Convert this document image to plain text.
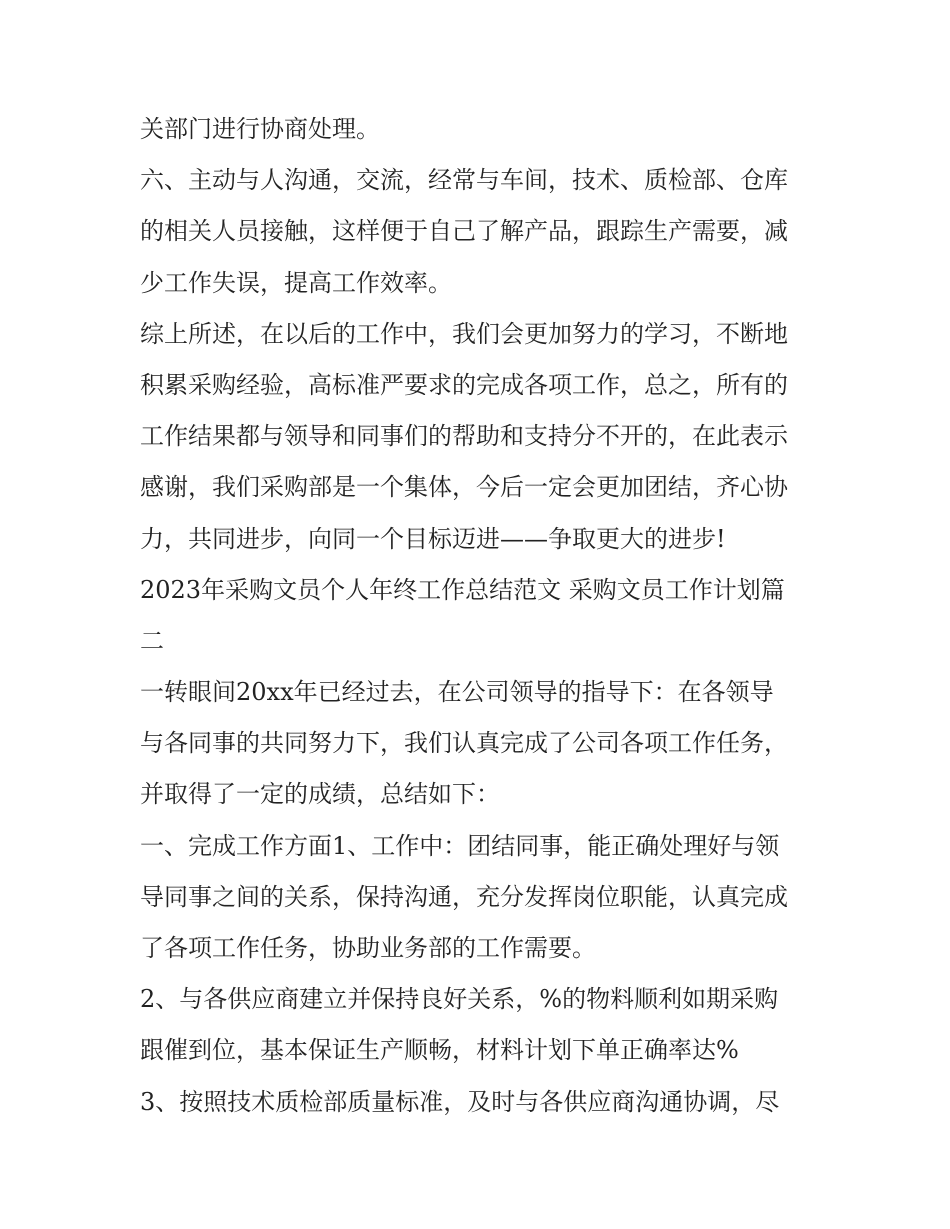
关部门进行协商处理。
六、主动与人沟通，交流，经常与车间，技术、质检部、仓库
的相关人员接触，这样便于自己了解产品，跟踪生产需要，减
少工作失误，提高工作效率。
综上所述，在以后的工作中，我们会更加努力的学习，不断地
积累采购经验，高标准严要求的完成各项工作，总之，所有的
工作结果都与领导和同事们的帮助和支持分不开的，在此表示
感谢，我们采购部是一个集体，今后一定会更加团结，齐心协
力，共同进步，向同一个目标迈进——争取更大的进步!
2023年采购文员个人年终工作总结范文 采购文员工作计划篇
二
一转眼间20xx年已经过去，在公司领导的指导下：在各领导
与各同事的共同努力下，我们认真完成了公司各项工作任务，
并取得了一定的成绩，总结如下：
一、完成工作方面1、工作中：团结同事，能正确处理好与领
导同事之间的关系，保持沟通，充分发挥岗位职能，认真完成
了各项工作任务，协助业务部的工作需要。
2、与各供应商建立并保持良好关系，%的物料顺利如期采购
跟催到位，基本保证生产顺畅，材料计划下单正确率达%
3、按照技术质检部质量标准，及时与各供应商沟通协调，尽
